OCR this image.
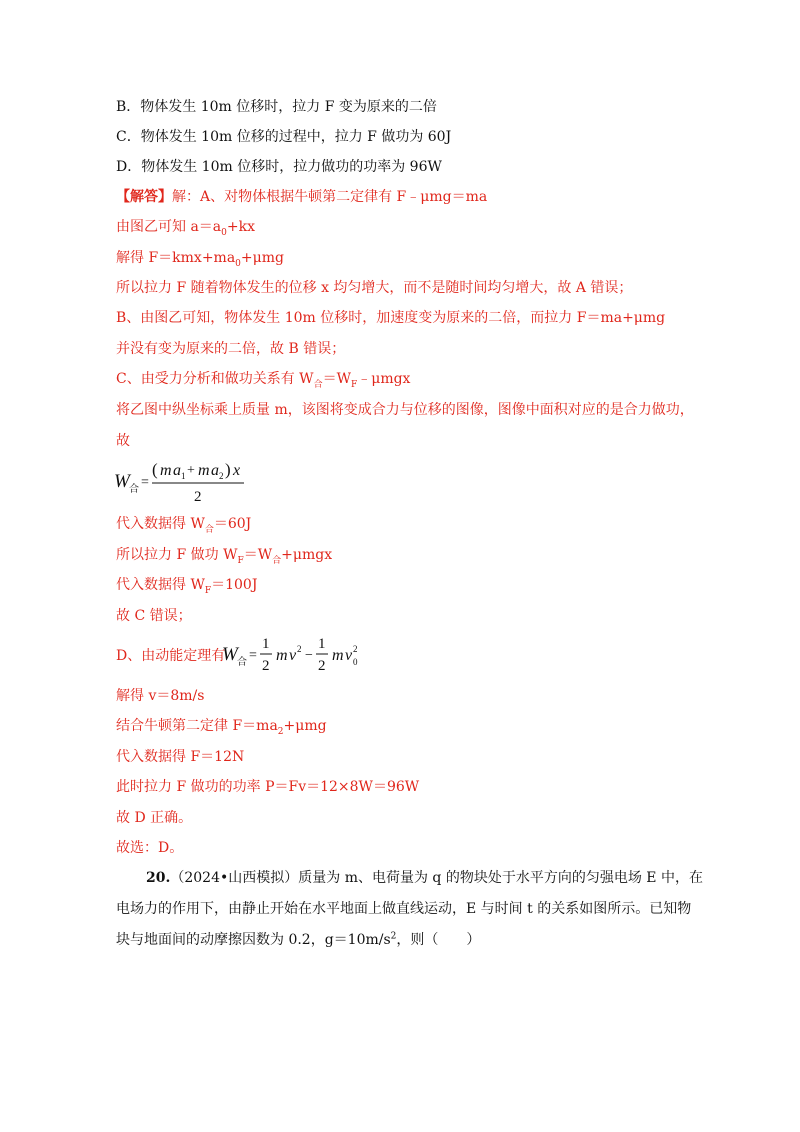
B．物体发生 10m 位移时，拉力 F 变为原来的二倍
C．物体发生 10m 位移的过程中，拉力 F 做功为 60J
D．物体发生 10m 位移时，拉力做功的功率为 96W
【解答】解：A、对物体根据牛顿第二定律有 F﹣μmg＝ma
由图乙可知 $a=a_0+kx$
解得 $F=kmx+ma_0+\mu mg$
所以拉力 F 随着物体发生的位移 x 均匀增大，而不是随时间均匀增大，故 A 错误；
B、由图乙可知，物体发生 10m 位移时，加速度变为原来的二倍，而拉力 F＝ma+μmg
并没有变为原来的二倍，故 B 错误；
C、由受力分析和做功关系有 $W_合=W_F﹣\mu mgx$
将乙图中纵坐标乘上质量 m，该图将变成合力与位移的图像，图像中面积对应的是合力做功，
故
W 合 =
( m a 1 + m a 2 ) x
2
代入数据得 $W_合=60J$
所以拉力 F 做功 $W_F=W_合+\mu mgx$
代入数据得 $W_F=100J$
故 C 错误；
D、由动能定理有
W 合 =
1
2
m v 2 −
1
2
m v 2
0
解得 v＝8m/s
结合牛顿第二定律 $F=ma_2+\mu mg$
代入数据得 F＝12N
此时拉力 F 做功的功率 P＝Fv＝12×8W＝96W
故 D 正确。
故选：D。
20.（2024•山西模拟）质量为 m、电荷量为 q 的物块处于水平方向的匀强电场 E 中，在
电场力的作用下，由静止开始在水平地面上做直线运动，E 与时间 t 的关系如图所示。已知物
块与地面间的动摩擦因数为 0.2，$g=10m/s^2$，则（　　）
